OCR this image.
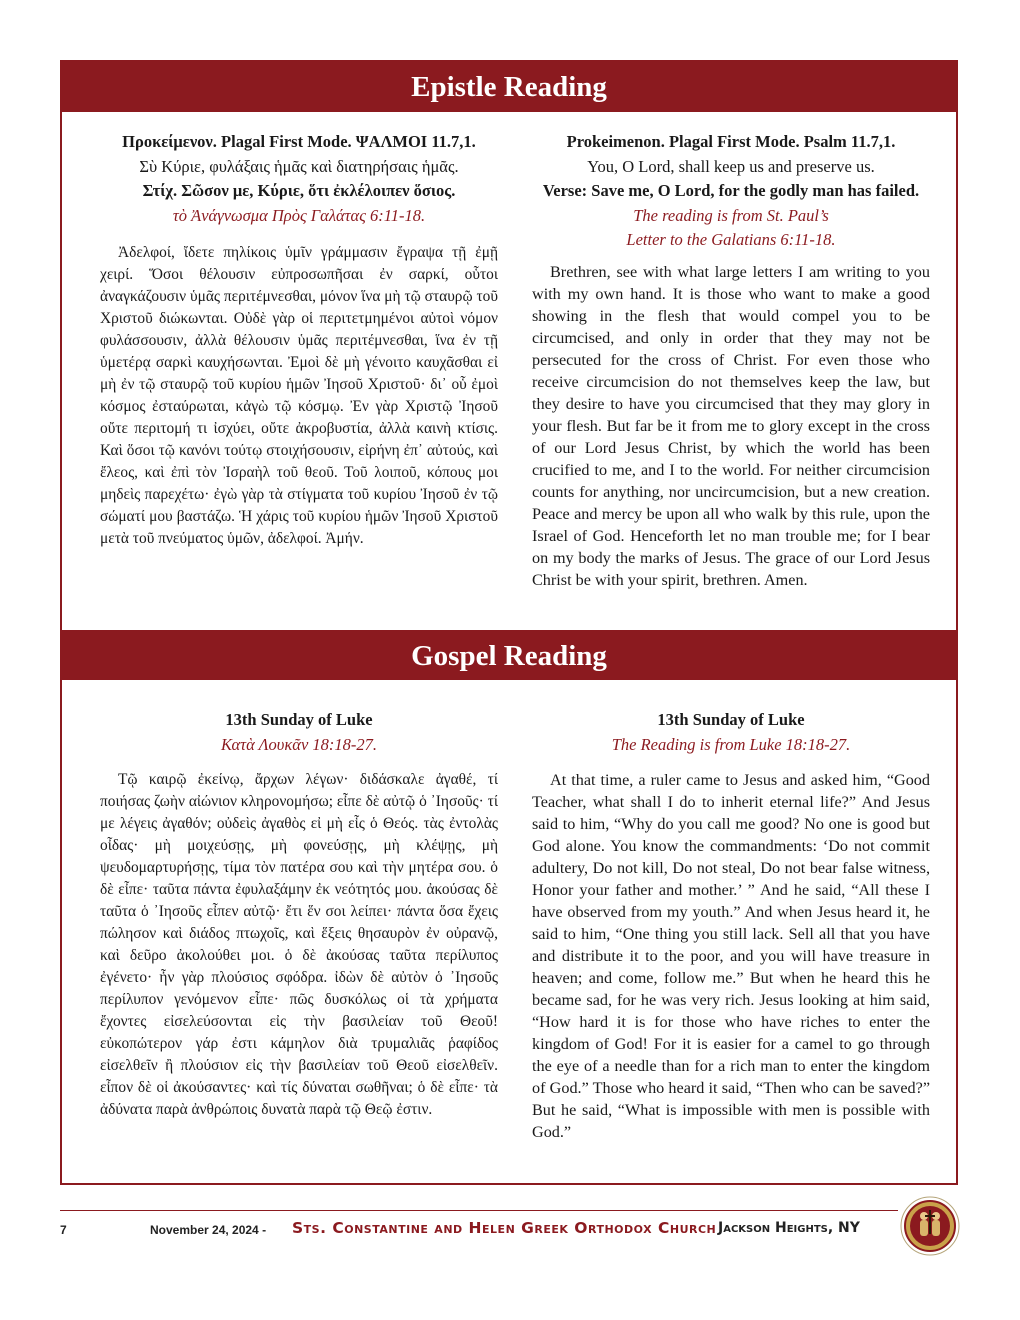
Epistle Reading
Προκείμενον. Plagal First Mode. ΨΑΛΜΟΙ 11.7,1.
Σὺ Κύριε, φυλάξαις ἡμᾶς καὶ διατηρήσαις ἡμᾶς.
Στίχ. Σῶσον με, Κύριε, ὅτι ἐκλέλοιπεν ὅσιος.
τὸ Ἀνάγνωσμα Πρὸς Γαλάτας 6:11-18.

Ἀδελφοί, ἴδετε πηλίκοις ὑμῖν γράμμασιν ἔγραψα τῇ ἐμῇ χειρί. Ὅσοι θέλουσιν εὐπροσωπῆσαι ἐν σαρκί, οὗτοι ἀναγκάζουσιν ὑμᾶς περιτέμνεσθαι, μόνον ἵνα μὴ τῷ σταυρῷ τοῦ Χριστοῦ διώκωνται. Οὐδὲ γὰρ οἱ περιτετμημένοι αὐτοὶ νόμον φυλάσσουσιν, ἀλλὰ θέλουσιν ὑμᾶς περιτέμνεσθαι, ἵνα ἐν τῇ ὑμετέρᾳ σαρκὶ καυχήσωνται. Ἐμοὶ δὲ μὴ γένοιτο καυχᾶσθαι εἰ μὴ ἐν τῷ σταυρῷ τοῦ κυρίου ἡμῶν Ἰησοῦ Χριστοῦ· δι᾽ οὗ ἐμοὶ κόσμος ἐσταύρωται, κἀγὼ τῷ κόσμῳ. Ἐν γὰρ Χριστῷ Ἰησοῦ οὔτε περιτομή τι ἰσχύει, οὔτε ἀκροβυστία, ἀλλὰ καινὴ κτίσις. Καὶ ὅσοι τῷ κανόνι τούτῳ στοιχήσουσιν, εἰρήνη ἐπ᾽ αὐτούς, καὶ ἔλεος, καὶ ἐπὶ τὸν Ἰσραὴλ τοῦ θεοῦ. Τοῦ λοιποῦ, κόπους μοι μηδεὶς παρεχέτω· ἐγὼ γὰρ τὰ στίγματα τοῦ κυρίου Ἰησοῦ ἐν τῷ σώματί μου βαστάζω. Ἡ χάρις τοῦ κυρίου ἡμῶν Ἰησοῦ Χριστοῦ μετὰ τοῦ πνεύματος ὑμῶν, ἀδελφοί. Ἀμήν.

Prokeimenon. Plagal First Mode. Psalm 11.7,1.
You, O Lord, shall keep us and preserve us.
Verse: Save me, O Lord, for the godly man has failed.
The reading is from St. Paul’s
Letter to the Galatians 6:11-18.

Brethren, see with what large letters I am writing to you with my own hand. It is those who want to make a good showing in the flesh that would compel you to be circumcised, and only in order that they may not be persecuted for the cross of Christ. For even those who receive circumcision do not themselves keep the law, but they desire to have you circumcised that they may glory in your flesh. But far be it from me to glory except in the cross of our Lord Jesus Christ, by which the world has been crucified to me, and I to the world. For neither circumcision counts for anything, nor uncircumcision, but a new creation. Peace and mercy be upon all who walk by this rule, upon the Israel of God. Henceforth let no man trouble me; for I bear on my body the marks of Jesus. The grace of our Lord Jesus Christ be with your spirit, brethren. Amen.

Gospel Reading
13th Sunday of Luke
Κατὰ Λουκᾶν 18:18-27.

Τῷ καιρῷ ἐκείνῳ, ἄρχων λέγων· διδάσκαλε ἀγαθέ, τί ποιήσας ζωὴν αἰώνιον κληρονομήσω; εἶπε δὲ αὐτῷ ὁ ᾿Ιησοῦς· τί με λέγεις ἀγαθόν; οὐδεὶς ἀγαθὸς εἰ μὴ εἷς ὁ Θεός. τὰς ἐντολὰς οἶδας· μὴ μοιχεύσῃς, μὴ φονεύσῃς, μὴ κλέψῃς, μὴ ψευδομαρτυρήσῃς, τίμα τὸν πατέρα σου καὶ τὴν μητέρα σου. ὁ δὲ εἶπε· ταῦτα πάντα ἐφυλαξάμην ἐκ νεότητός μου. ἀκούσας δὲ ταῦτα ὁ ᾿Ιησοῦς εἶπεν αὐτῷ· ἔτι ἕν σοι λείπει· πάντα ὅσα ἔχεις πώλησον καὶ διάδος πτωχοῖς, καὶ ἕξεις θησαυρὸν ἐν οὐρανῷ, καὶ δεῦρο ἀκολούθει μοι. ὁ δὲ ἀκούσας ταῦτα περίλυπος ἐγένετο· ἦν γὰρ πλούσιος σφόδρα. ἰδὼν δὲ αὐτὸν ὁ ᾿Ιησοῦς περίλυπον γενόμενον εἶπε· πῶς δυσκόλως οἱ τὰ χρήματα ἔχοντες εἰσελεύσονται εἰς τὴν βασιλείαν τοῦ Θεοῦ! εὐκοπώτερον γάρ ἐστι κάμηλον διὰ τρυμαλιᾶς ῥαφίδος εἰσελθεῖν ἢ πλούσιον εἰς τὴν βασιλείαν τοῦ Θεοῦ εἰσελθεῖν. εἶπον δὲ οἱ ἀκούσαντες· καὶ τίς δύναται σωθῆναι; ὁ δὲ εἶπε· τὰ ἀδύνατα παρὰ ἀνθρώποις δυνατὰ παρὰ τῷ Θεῷ ἐστιν.

13th Sunday of Luke
The Reading is from Luke 18:18-27.

At that time, a ruler came to Jesus and asked him, “Good Teacher, what shall I do to inherit eternal life?” And Jesus said to him, “Why do you call me good? No one is good but God alone. You know the commandments: ‘Do not commit adultery, Do not kill, Do not steal, Do not bear false witness, Honor your father and mother.’ ” And he said, “All these I have observed from my youth.” And when Jesus heard it, he said to him, “One thing you still lack. Sell all that you have and distribute it to the poor, and you will have treasure in heaven; and come, follow me.” But when he heard this he became sad, for he was very rich. Jesus looking at him said, “How hard it is for those who have riches to enter the kingdom of God! For it is easier for a camel to go through the eye of a needle than for a rich man to enter the kingdom of God.” Those who heard it said, “Then who can be saved?” But he said, “What is impossible with men is possible with God.”

7	November 24, 2024 - Sts. Constantine and Helen Greek Orthodox Church Jackson Heights, NY
